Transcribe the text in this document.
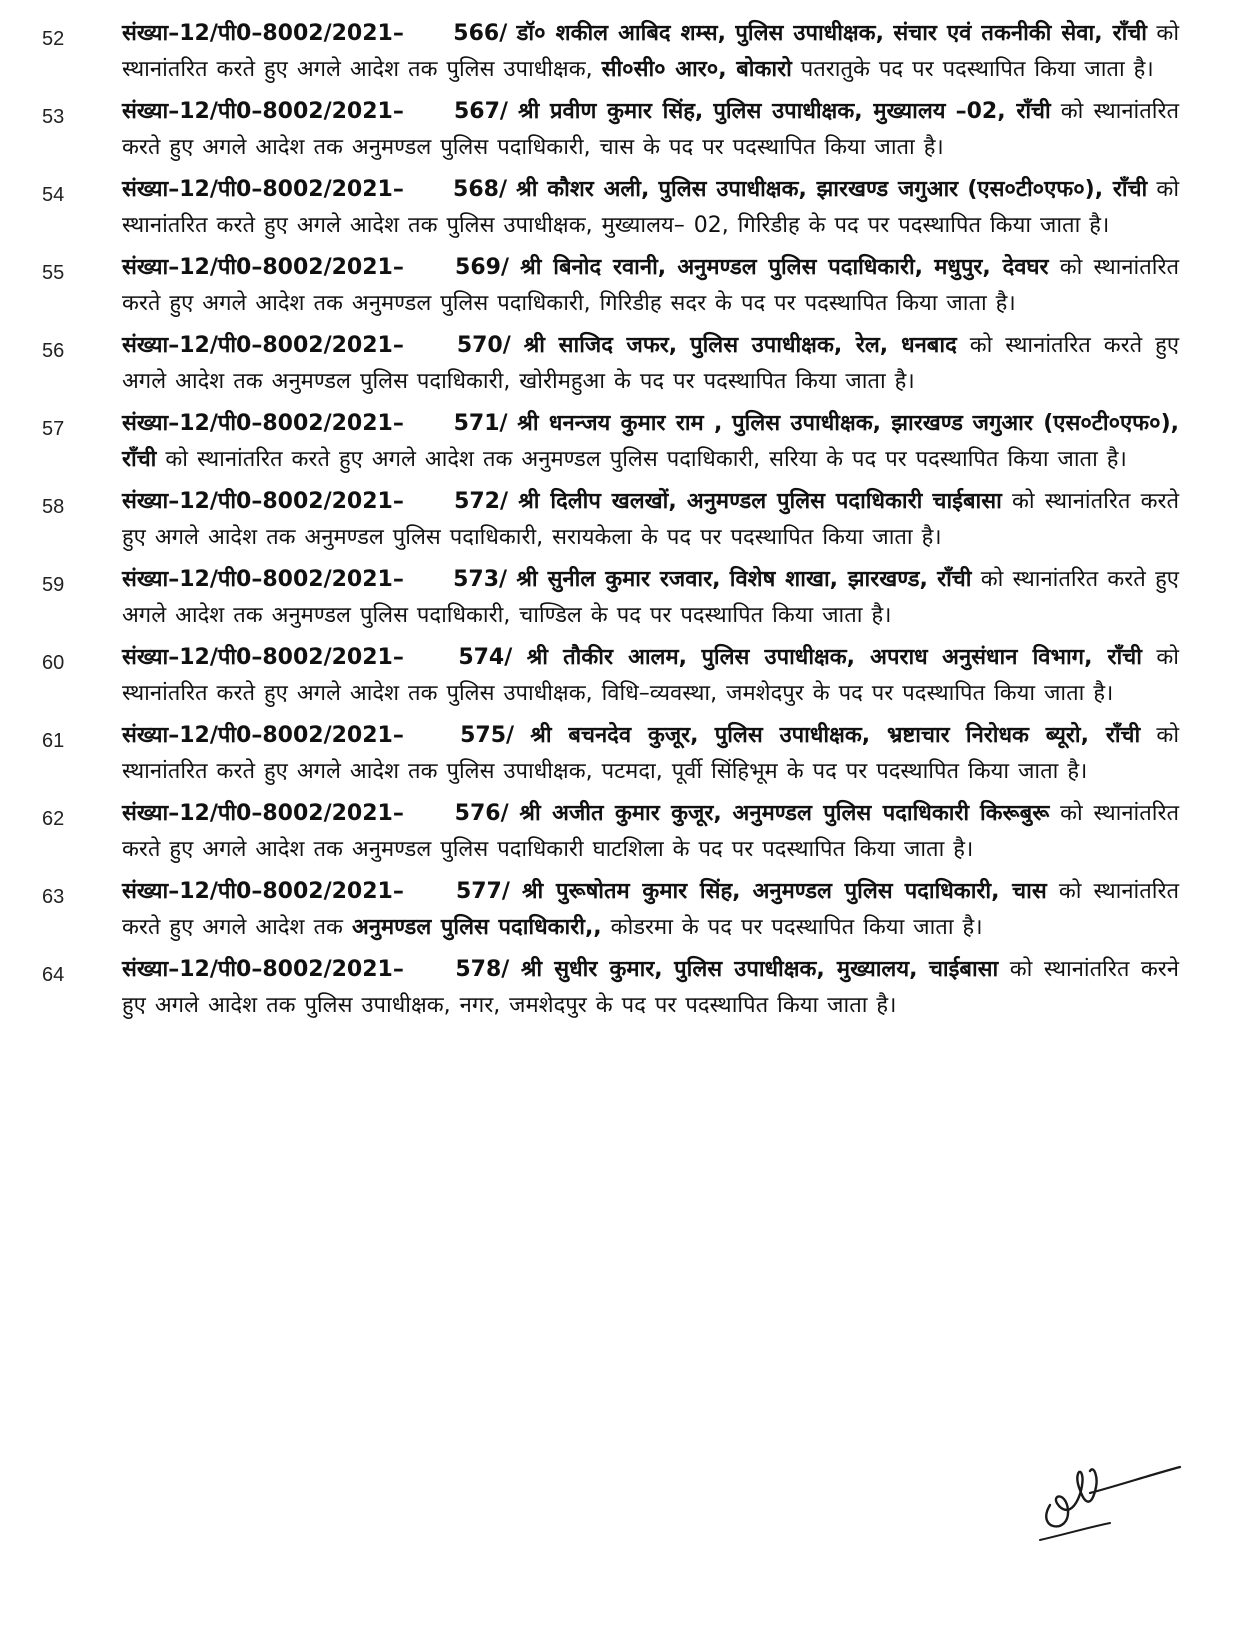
52	संख्या–12/पी0–8002/2021– 566/ डॉ० शकील आबिद शम्स, पुलिस उपाधीक्षक, संचार एवं तकनीकी सेवा, राँची को स्थानांतरित करते हुए अगले आदेश तक पुलिस उपाधीक्षक, सी०सी० आर०, बोकारो पतरातुके पद पर पदस्थापित किया जाता है।
53	संख्या–12/पी0–8002/2021– 567/ श्री प्रवीण कुमार सिंह, पुलिस उपाधीक्षक, मुख्यालय –02, राँची को स्थानांतरित करते हुए अगले आदेश तक अनुमण्डल पुलिस पदाधिकारी, चास के पद पर पदस्थापित किया जाता है।
54	संख्या–12/पी0–8002/2021– 568/ श्री कौशर अली, पुलिस उपाधीक्षक, झारखण्ड जगुआर (एस०टी०एफ०), राँची को स्थानांतरित करते हुए अगले आदेश तक पुलिस उपाधीक्षक, मुख्यालय– 02, गिरिडीह के पद पर पदस्थापित किया जाता है।
55	संख्या–12/पी0–8002/2021– 569/ श्री बिनोद रवानी, अनुमण्डल पुलिस पदाधिकारी, मधुपुर, देवघर को स्थानांतरित करते हुए अगले आदेश तक अनुमण्डल पुलिस पदाधिकारी, गिरिडीह सदर के पद पर पदस्थापित किया जाता है।
56	संख्या–12/पी0–8002/2021– 570/ श्री साजिद जफर, पुलिस उपाधीक्षक, रेल, धनबाद को स्थानांतरित करते हुए अगले आदेश तक अनुमण्डल पुलिस पदाधिकारी, खोरीमहुआ के पद पर पदस्थापित किया जाता है।
57	संख्या–12/पी0–8002/2021– 571/ श्री धनन्जय कुमार राम , पुलिस उपाधीक्षक, झारखण्ड जगुआर (एस०टी०एफ०), राँची को स्थानांतरित करते हुए अगले आदेश तक अनुमण्डल पुलिस पदाधिकारी, सरिया के पद पर पदस्थापित किया जाता है।
58	संख्या–12/पी0–8002/2021– 572/ श्री दिलीप खलखों, अनुमण्डल पुलिस पदाधिकारी चाईबासा को स्थानांतरित करते हुए अगले आदेश तक अनुमण्डल पुलिस पदाधिकारी, सरायकेला के पद पर पदस्थापित किया जाता है।
59	संख्या–12/पी0–8002/2021– 573/ श्री सुनील कुमार रजवार, विशेष शाखा, झारखण्ड, राँची को स्थानांतरित करते हुए अगले आदेश तक अनुमण्डल पुलिस पदाधिकारी, चाण्डिल के पद पर पदस्थापित किया जाता है।
60	संख्या–12/पी0–8002/2021– 574/ श्री तौकीर आलम, पुलिस उपाधीक्षक, अपराध अनुसंधान विभाग, राँची को स्थानांतरित करते हुए अगले आदेश तक पुलिस उपाधीक्षक, विधि–व्यवस्था, जमशेदपुर के पद पर पदस्थापित किया जाता है।
61	संख्या–12/पी0–8002/2021–	575/ श्री बचनदेव कुजूर, पुलिस उपाधीक्षक, भ्रष्टाचार निरोधक ब्यूरो, राँची को स्थानांतरित करते हुए अगले आदेश तक पुलिस उपाधीक्षक, पटमदा, पूर्वी सिंहिभूम के पद पर पदस्थापित किया जाता है।
62	संख्या–12/पी0–8002/2021– 576/ श्री अजीत कुमार कुजूर, अनुमण्डल पुलिस पदाधिकारी किरूबुरू को स्थानांतरित करते हुए अगले आदेश तक अनुमण्डल पुलिस पदाधिकारी घाटशिला के पद पर पदस्थापित किया जाता है।
63	संख्या–12/पी0–8002/2021– 577/ श्री पुरूषोतम कुमार सिंह, अनुमण्डल पुलिस पदाधिकारी, चास को स्थानांतरित करते हुए अगले आदेश तक अनुमण्डल पुलिस पदाधिकारी,, कोडरमा के पद पर पदस्थापित किया जाता है।
64	संख्या–12/पी0–8002/2021– 578/ श्री सुधीर कुमार, पुलिस उपाधीक्षक, मुख्यालय, चाईबासा को स्थानांतरित करने हुए अगले आदेश तक पुलिस उपाधीक्षक, नगर, जमशेदपुर के पद पर पदस्थापित किया जाता है।
